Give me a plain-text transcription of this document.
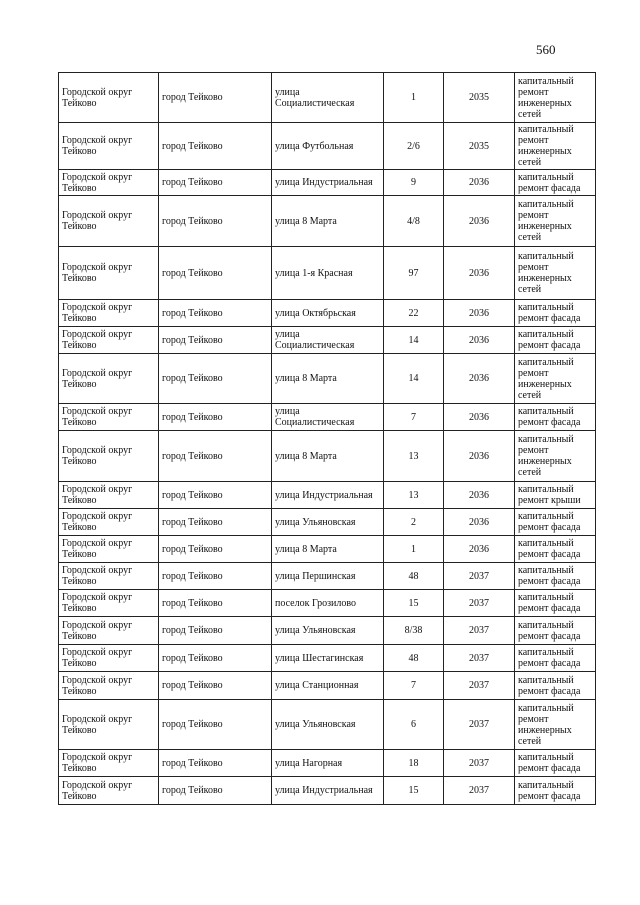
560
Городской округ Тейково	город Тейково	улица Социалистическая	1	2035	капитальный ремонт инженерных сетей
Городской округ Тейково	город Тейково	улица Футбольная	2/6	2035	капитальный ремонт инженерных сетей
Городской округ Тейково	город Тейково	улица Индустриальная	9	2036	капитальный ремонт фасада
Городской округ Тейково	город Тейково	улица 8 Марта	4/8	2036	капитальный ремонт инженерных сетей
Городской округ Тейково	город Тейково	улица 1-я Красная	97	2036	капитальный ремонт инженерных сетей
Городской округ Тейково	город Тейково	улица Октябрьская	22	2036	капитальный ремонт фасада
Городской округ Тейково	город Тейково	улица Социалистическая	14	2036	капитальный ремонт фасада
Городской округ Тейково	город Тейково	улица 8 Марта	14	2036	капитальный ремонт инженерных сетей
Городской округ Тейково	город Тейково	улица Социалистическая	7	2036	капитальный ремонт фасада
Городской округ Тейково	город Тейково	улица 8 Марта	13	2036	капитальный ремонт инженерных сетей
Городской округ Тейково	город Тейково	улица Индустриальная	13	2036	капитальный ремонт крыши
Городской округ Тейково	город Тейково	улица Ульяновская	2	2036	капитальный ремонт фасада
Городской округ Тейково	город Тейково	улица 8 Марта	1	2036	капитальный ремонт фасада
Городской округ Тейково	город Тейково	улица Першинская	48	2037	капитальный ремонт фасада
Городской округ Тейково	город Тейково	поселок Грозилово	15	2037	капитальный ремонт фасада
Городской округ Тейково	город Тейково	улица Ульяновская	8/38	2037	капитальный ремонт фасада
Городской округ Тейково	город Тейково	улица Шестагинская	48	2037	капитальный ремонт фасада
Городской округ Тейково	город Тейково	улица Станционная	7	2037	капитальный ремонт фасада
Городской округ Тейково	город Тейково	улица Ульяновская	6	2037	капитальный ремонт инженерных сетей
Городской округ Тейково	город Тейково	улица Нагорная	18	2037	капитальный ремонт фасада
Городской округ Тейково	город Тейково	улица Индустриальная	15	2037	капитальный ремонт фасада
